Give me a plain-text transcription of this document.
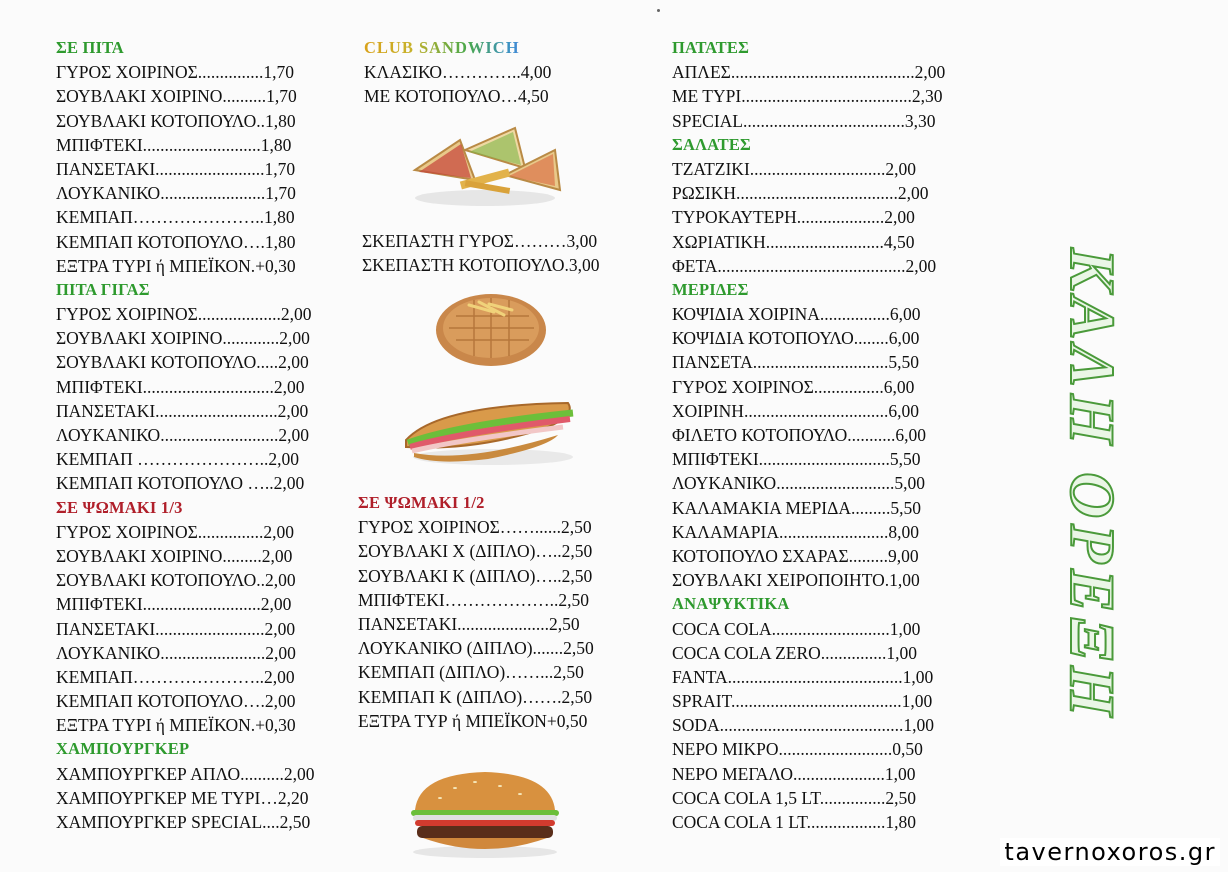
ΣΕ ΠΙΤΑ
ΓΥΡΟΣ ΧΟΙΡΙΝΟΣ...............1,70
ΣΟΥΒΛΑΚΙ ΧΟΙΡΙΝΟ..........1,70
ΣΟΥΒΛΑΚΙ ΚΟΤΟΠΟΥΛΟ..1,80
ΜΠΙΦΤΕΚΙ...........................1,80
ΠΑΝΣΕΤΑΚΙ.........................1,70
ΛΟΥΚΑΝΙΚΟ........................1,70
ΚΕΜΠΑΠ…………………..1,80
ΚΕΜΠΑΠ ΚΟΤΟΠΟΥΛΟ….1,80
ΕΞΤΡΑ ΤΥΡΙ ή ΜΠΕΪΚΟΝ.+0,30
ΠΙΤΑ ΓΙΓΑΣ
ΓΥΡΟΣ ΧΟΙΡΙΝΟΣ...................2,00
ΣΟΥΒΛΑΚΙ ΧΟΙΡΙΝΟ.............2,00
ΣΟΥΒΛΑΚΙ ΚΟΤΟΠΟΥΛΟ.....2,00
ΜΠΙΦΤΕΚΙ..............................2,00
ΠΑΝΣΕΤΑΚΙ............................2,00
ΛΟΥΚΑΝΙΚΟ...........................2,00
ΚΕΜΠΑΠ …………………..2,00
ΚΕΜΠΑΠ ΚΟΤΟΠΟΥΛΟ …..2,00
ΣΕ ΨΩΜΑΚΙ 1/3
ΓΥΡΟΣ ΧΟΙΡΙΝΟΣ...............2,00
ΣΟΥΒΛΑΚΙ ΧΟΙΡΙΝΟ.........2,00
ΣΟΥΒΛΑΚΙ ΚΟΤΟΠΟΥΛΟ..2,00
ΜΠΙΦΤΕΚΙ...........................2,00
ΠΑΝΣΕΤΑΚΙ.........................2,00
ΛΟΥΚΑΝΙΚΟ........................2,00
ΚΕΜΠΑΠ…………………..2,00
ΚΕΜΠΑΠ ΚΟΤΟΠΟΥΛΟ….2,00
ΕΞΤΡΑ ΤΥΡΙ ή ΜΠΕΪΚΟΝ.+0,30
ΧΑΜΠΟΥΡΓΚΕΡ
ΧΑΜΠΟΥΡΓΚΕΡ ΑΠΛΟ..........2,00
ΧΑΜΠΟΥΡΓΚΕΡ ΜΕ ΤΥΡΙ…2,20
ΧΑΜΠΟΥΡΓΚΕΡ SPECIAL....2,50
CLUB SANDWICH
ΚΛΑΣΙΚΟ…………..4,00
ΜΕ ΚΟΤΟΠΟΥΛΟ…4,50
ΣΚΕΠΑΣΤΗ ΓΥΡΟΣ………3,00
ΣΚΕΠΑΣΤΗ ΚΟΤΟΠΟΥΛΟ.3,00
ΣΕ ΨΩΜΑΚΙ 1/2
ΓΥΡΟΣ ΧΟΙΡΙΝΟΣ……......2,50
ΣΟΥΒΛΑΚΙ Χ (ΔΙΠΛΟ)…..2,50
ΣΟΥΒΛΑΚΙ Κ (ΔΙΠΛΟ)…..2,50
ΜΠΙΦΤΕΚΙ………………..2,50
ΠΑΝΣΕΤΑΚΙ.....................2,50
ΛΟΥΚΑΝΙΚΟ (ΔΙΠΛΟ).......2,50
ΚΕΜΠΑΠ (ΔΙΠΛΟ)……...2,50
ΚΕΜΠΑΠ Κ (ΔΙΠΛΟ)…….2,50
ΕΞΤΡΑ ΤΥΡ ή ΜΠΕΪΚΟΝ+0,50
ΠΑΤΑΤΕΣ
ΑΠΛΕΣ..........................................2,00
ΜΕ ΤΥΡΙ.......................................2,30
SPECIAL.....................................3,30
ΣΑΛΑΤΕΣ
ΤΖΑΤΖΙΚΙ...............................2,00
ΡΩΣΙΚΗ.....................................2,00
ΤΥΡΟΚΑΥΤΕΡΗ....................2,00
ΧΩΡΙΑΤΙΚΗ...........................4,50
ΦΕΤΑ...........................................2,00
ΜΕΡΙΔΕΣ
ΚΟΨΙΔΙΑ ΧΟΙΡΙΝΑ................6,00
ΚΟΨΙΔΙΑ ΚΟΤΟΠΟΥΛΟ........6,00
ΠΑΝΣΕΤΑ...............................5,50
ΓΥΡΟΣ ΧΟΙΡΙΝΟΣ................6,00
ΧΟΙΡΙΝΗ.................................6,00
ΦΙΛΕΤΟ ΚΟΤΟΠΟΥΛΟ...........6,00
ΜΠΙΦΤΕΚΙ..............................5,50
ΛΟΥΚΑΝΙΚΟ...........................5,00
ΚΑΛΑΜΑΚΙΑ ΜΕΡΙΔΑ.........5,50
ΚΑΛΑΜΑΡΙΑ.........................8,00
ΚΟΤΟΠΟΥΛΟ ΣΧΑΡΑΣ.........9,00
ΣΟΥΒΛΑΚΙ ΧΕΙΡΟΠΟΙΗΤΟ.1,00
ΑΝΑΨΥΚΤΙΚΑ
COCA COLA...........................1,00
COCA COLA ZERO...............1,00
FANTA........................................1,00
SPRAIT.......................................1,00
SODA..........................................1,00
ΝΕΡΟ ΜΙΚΡΟ..........................0,50
ΝΕΡΟ ΜΕΓΑΛΟ.....................1,00
COCA COLA 1,5 LT...............2,50
COCA COLA 1 LT..................1,80
ΚΑΛΗ ΟΡΕΞΗ
tavernoxoros.gr
